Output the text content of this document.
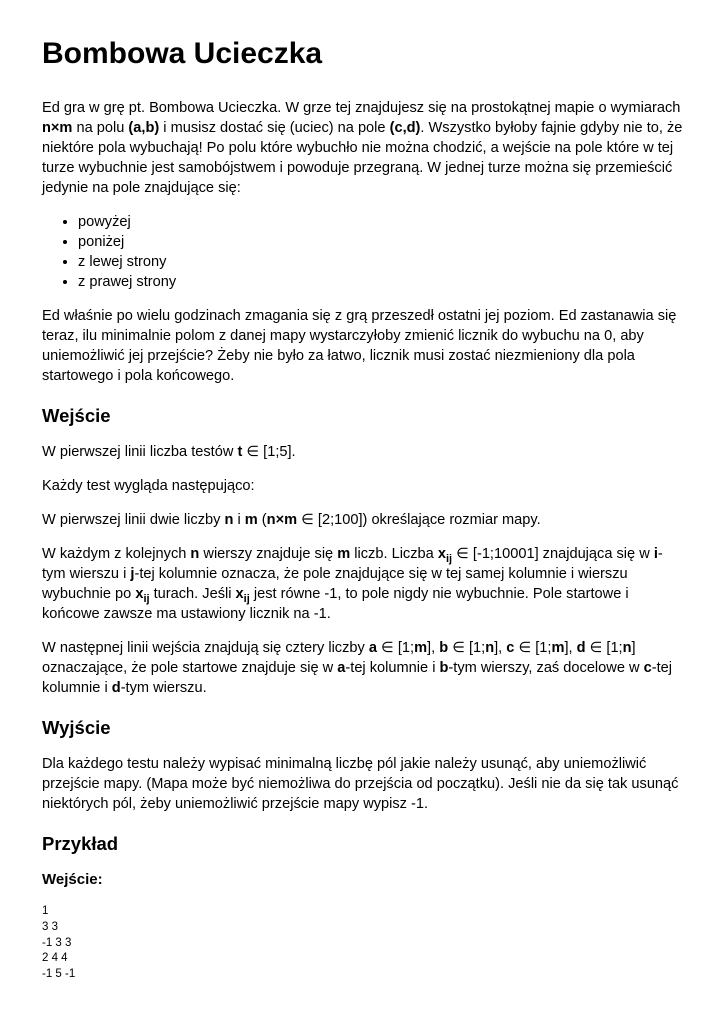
Bombowa Ucieczka

Ed gra w grę pt. Bombowa Ucieczka. W grze tej znajdujesz się na prostokątnej mapie o wymiarach n×m na polu (a,b) i musisz dostać się (uciec) na pole (c,d). Wszystko byłoby fajnie gdyby nie to, że niektóre pola wybuchają! Po polu które wybuchło nie można chodzić, a wejście na pole które w tej turze wybuchnie jest samobójstwem i powoduje przegraną. W jednej turze można się przemieścić jedynie na pole znajdujące się:

• powyżej
• poniżej
• z lewej strony
• z prawej strony

Ed właśnie po wielu godzinach zmagania się z grą przeszedł ostatni jej poziom. Ed zastanawia się teraz, ilu minimalnie polom z danej mapy wystarczyłoby zmienić licznik do wybuchu na 0, aby uniemożliwić jej przejście? Żeby nie było za łatwo, licznik musi zostać niezmieniony dla pola startowego i pola końcowego.

Wejście

W pierwszej linii liczba testów t ∈ [1;5].

Każdy test wygląda następująco:

W pierwszej linii dwie liczby n i m (n×m ∈ [2;100]) określające rozmiar mapy.

W każdym z kolejnych n wierszy znajduje się m liczb. Liczba $x_{ij}$ ∈ [-1;10001] znajdująca się w i-tym wierszu i j-tej kolumnie oznacza, że pole znajdujące się w tej samej kolumnie i wierszu wybuchnie po $x_{ij}$ turach. Jeśli $x_{ij}$ jest równe -1, to pole nigdy nie wybuchnie. Pole startowe i końcowe zawsze ma ustawiony licznik na -1.

W następnej linii wejścia znajdują się cztery liczby a ∈ [1;m], b ∈ [1;n], c ∈ [1;m], d ∈ [1;n] oznaczające, że pole startowe znajduje się w a-tej kolumnie i b-tym wierszy, zaś docelowe w c-tej kolumnie i d-tym wierszu.

Wyjście

Dla każdego testu należy wypisać minimalną liczbę pól jakie należy usunąć, aby uniemożliwić przejście mapy. (Mapa może być niemożliwa do przejścia od początku). Jeśli nie da się tak usunąć niektórych pól, żeby uniemożliwić przejście mapy wypisz -1.

Przykład
Wejście:
1
3 3
-1 3 3
2 4 4
-1 5 -1
